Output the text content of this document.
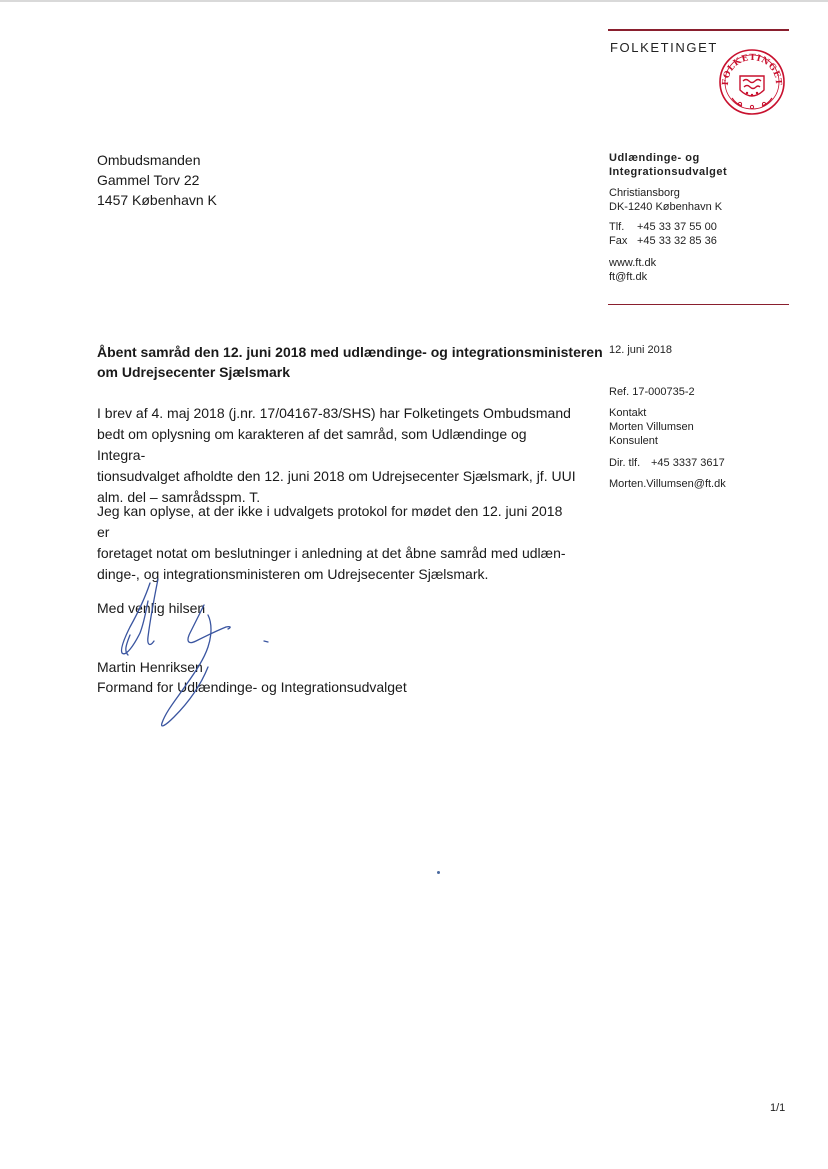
FOLKETINGET
FOLKETINGET
Ombudsmanden
Gammel Torv 22
1457 København K
Udlændinge- og
Integrationsudvalget
Christiansborg
DK-1240 København K
Tlf. +45 33 37 55 00
Fax +45 33 32 85 36
www.ft.dk
ft@ft.dk
12. juni 2018
Ref. 17-000735-2
Kontakt
Morten Villumsen
Konsulent
Dir. tlf. +45 3337 3617
Morten.Villumsen@ft.dk
Åbent samråd den 12. juni 2018 med udlændinge- og integrationsministeren
om Udrejsecenter Sjælsmark
I brev af 4. maj 2018 (j.nr. 17/04167-83/SHS) har Folketingets Ombudsmand
bedt om oplysning om karakteren af det samråd, som Udlændinge og Integra-
tionsudvalget afholdte den 12. juni 2018 om Udrejsecenter Sjælsmark, jf. UUI
alm. del – samrådsspm. T.
Jeg kan oplyse, at der ikke i udvalgets protokol for mødet den 12. juni 2018 er
foretaget notat om beslutninger i anledning at det åbne samråd med udlæn-
dinge-, og integrationsministeren om Udrejsecenter Sjælsmark.
Med venlig hilsen
Martin Henriksen
Formand for Udlændinge- og Integrationsudvalget
1/1
